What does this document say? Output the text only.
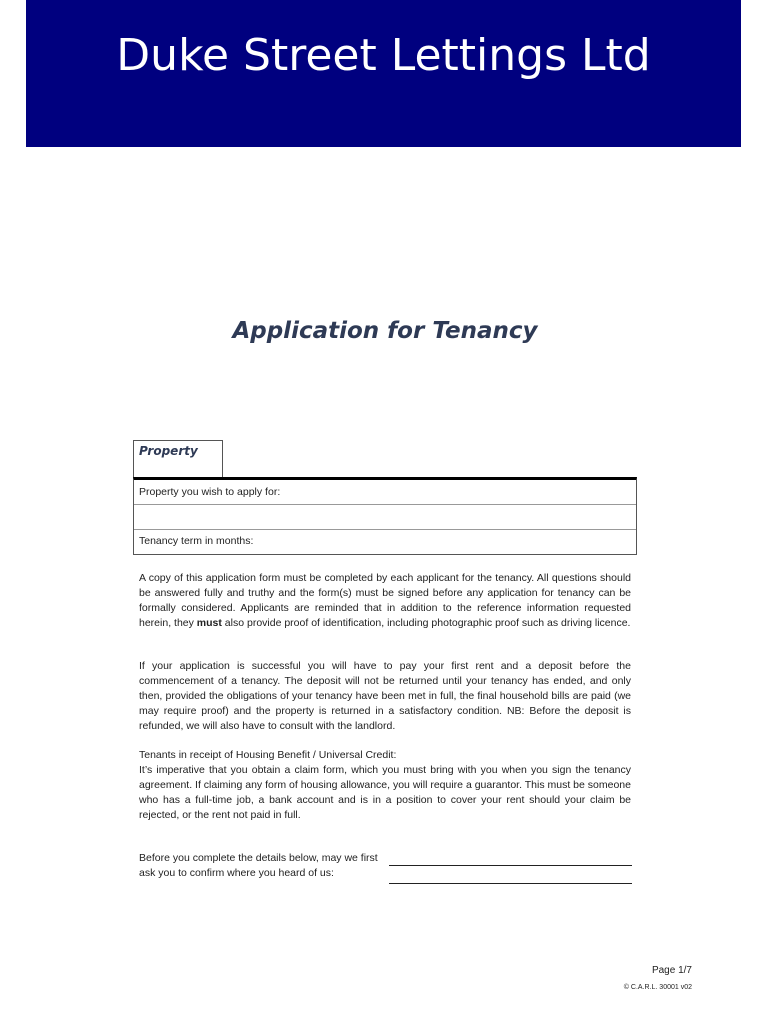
Duke Street Lettings Ltd
Application for Tenancy
Property
Property you wish to apply for:
Tenancy term in months:
A copy of this application form must be completed by each applicant for the tenancy. All questions should be answered fully and truthy and the form(s) must be signed before any application for tenancy can be formally considered. Applicants are reminded that in addition to the reference information requested herein, they must also provide proof of identification, including photographic proof such as driving licence.
If your application is successful you will have to pay your first rent and a deposit before the commencement of a tenancy. The deposit will not be returned until your tenancy has ended, and only then, provided the obligations of your tenancy have been met in full, the final household bills are paid (we may require proof) and the property is returned in a satisfactory condition. NB: Before the deposit is refunded, we will also have to consult with the landlord.
Tenants in receipt of Housing Benefit / Universal Credit:
It’s imperative that you obtain a claim form, which you must bring with you when you sign the tenancy agreement. If claiming any form of housing allowance, you will require a guarantor. This must be someone who has a full-time job, a bank account and is in a position to cover your rent should your claim be rejected, or the rent not paid in full.
Before you complete the details below, may we first ask you to confirm where you heard of us:
Page 1/7
© C.A.R.L. 30001 v02
